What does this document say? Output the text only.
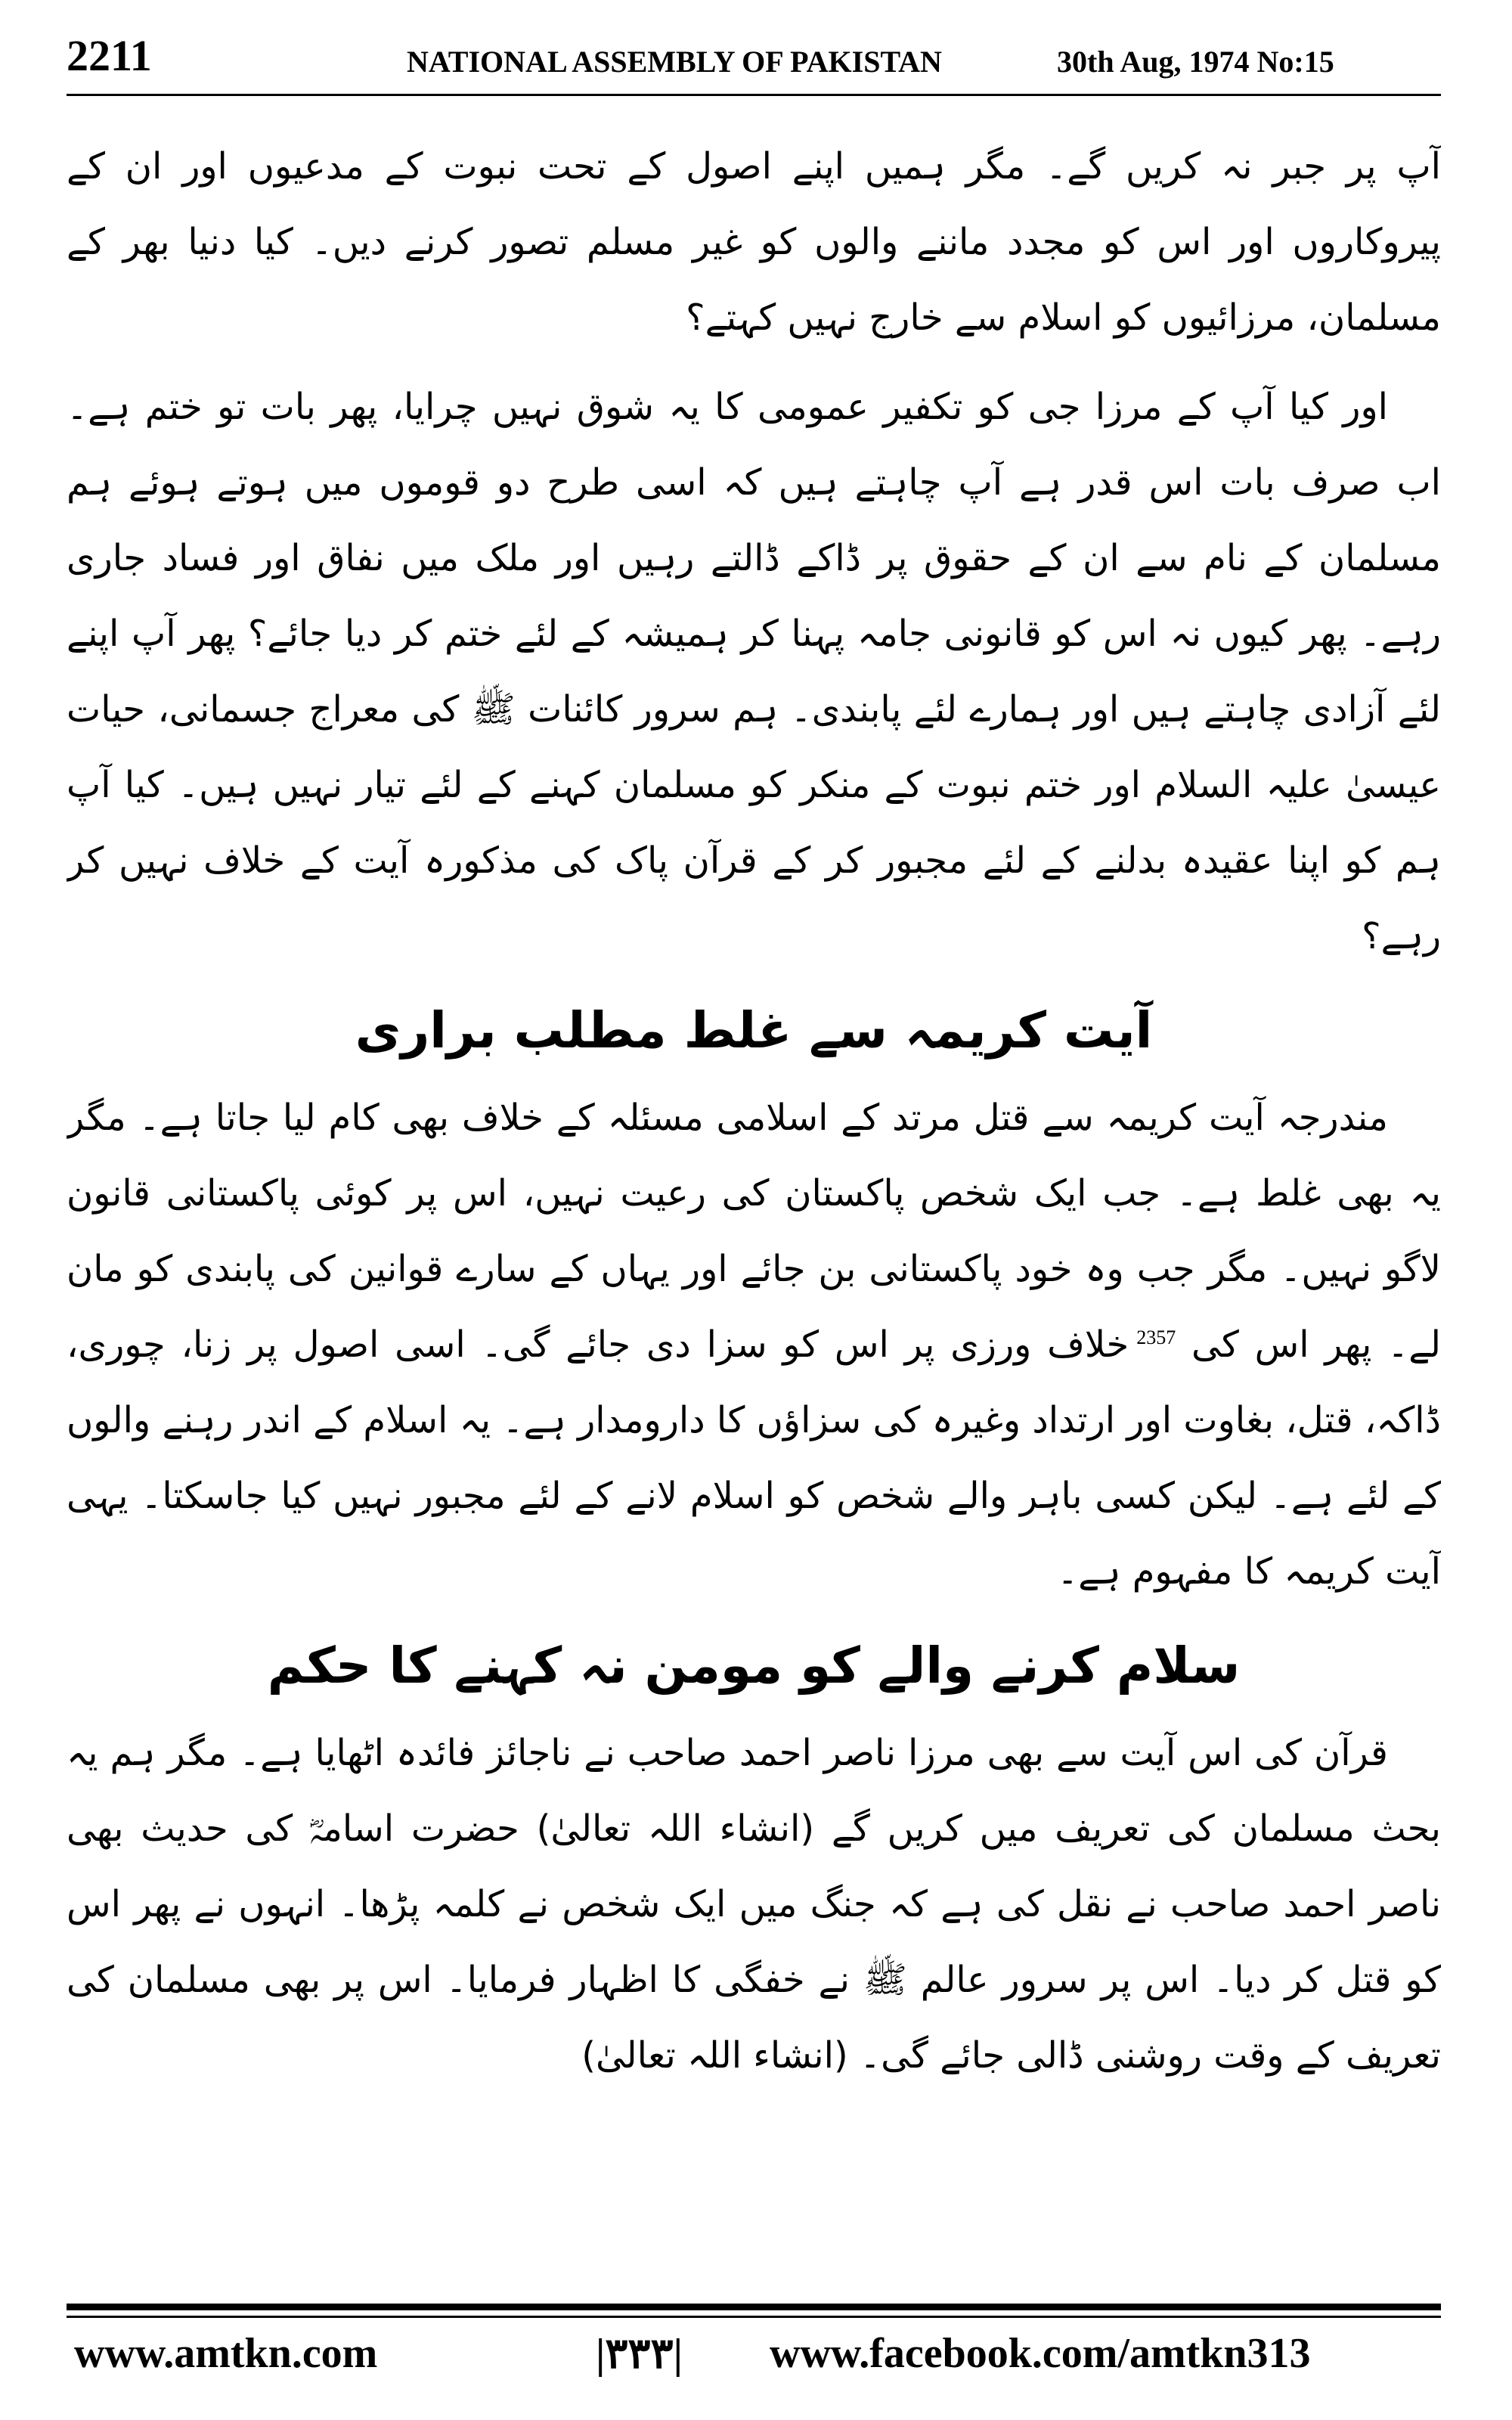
2211	NATIONAL ASSEMBLY OF PAKISTAN	30th Aug, 1974 No:15

آپ پر جبر نہ کریں گے۔ مگر ہمیں اپنے اصول کے تحت نبوت کے مدعیوں اور ان کے پیروکاروں اور اس کو مجدد ماننے والوں کو غیر مسلم تصور کرنے دیں۔ کیا دنیا بھر کے مسلمان، مرزائیوں کو اسلام سے خارج نہیں کہتے؟

اور کیا آپ کے مرزا جی کو تکفیر عمومی کا یہ شوق نہیں چرایا، پھر بات تو ختم ہے۔ اب صرف بات اس قدر ہے آپ چاہتے ہیں کہ اسی طرح دو قوموں میں ہوتے ہوئے ہم مسلمان کے نام سے ان کے حقوق پر ڈاکے ڈالتے رہیں اور ملک میں نفاق اور فساد جاری رہے۔ پھر کیوں نہ اس کو قانونی جامہ پہنا کر ہمیشہ کے لئے ختم کر دیا جائے؟ پھر آپ اپنے لئے آزادی چاہتے ہیں اور ہمارے لئے پابندی۔ ہم سرور کائنات ﷺ کی معراج جسمانی، حیات عیسیٰ علیہ السلام اور ختم نبوت کے منکر کو مسلمان کہنے کے لئے تیار نہیں ہیں۔ کیا آپ ہم کو اپنا عقیدہ بدلنے کے لئے مجبور کر کے قرآن پاک کی مذکورہ آیت کے خلاف نہیں کر رہے؟

آیت کریمہ سے غلط مطلب براری

مندرجہ آیت کریمہ سے قتل مرتد کے اسلامی مسئلہ کے خلاف بھی کام لیا جاتا ہے۔ مگر یہ بھی غلط ہے۔ جب ایک شخص پاکستان کی رعیت نہیں، اس پر کوئی پاکستانی قانون لاگو نہیں۔ مگر جب وہ خود پاکستانی بن جائے اور یہاں کے سارے قوانین کی پابندی کو مان لے۔ پھر اس کی $^{2357}$خلاف ورزی پر اس کو سزا دی جائے گی۔ اسی اصول پر زنا، چوری، ڈاکہ، قتل، بغاوت اور ارتداد وغیرہ کی سزاؤں کا دارومدار ہے۔ یہ اسلام کے اندر رہنے والوں کے لئے ہے۔ لیکن کسی باہر والے شخص کو اسلام لانے کے لئے مجبور نہیں کیا جاسکتا۔ یہی آیت کریمہ کا مفہوم ہے۔

سلام کرنے والے کو مومن نہ کہنے کا حکم

قرآن کی اس آیت سے بھی مرزا ناصر احمد صاحب نے ناجائز فائدہ اٹھایا ہے۔ مگر ہم یہ بحث مسلمان کی تعریف میں کریں گے (انشاء اللہ تعالیٰ) حضرت اسامہؓ کی حدیث بھی ناصر احمد صاحب نے نقل کی ہے کہ جنگ میں ایک شخص نے کلمہ پڑھا۔ انہوں نے پھر اس کو قتل کر دیا۔ اس پر سرور عالم ﷺ نے خفگی کا اظہار فرمایا۔ اس پر بھی مسلمان کی تعریف کے وقت روشنی ڈالی جائے گی۔ (انشاء اللہ تعالیٰ)

www.amtkn.com	|۳۳۳| www.facebook.com/amtkn313
